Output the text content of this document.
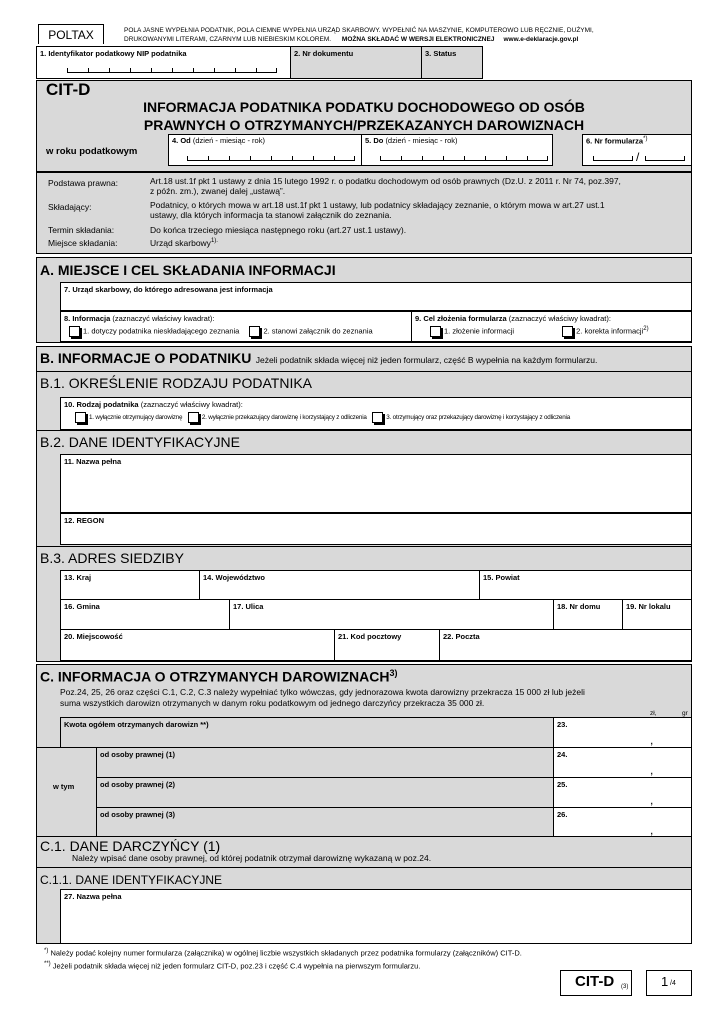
POLTAX	POLA JASNE WYPEŁNIA PODATNIK, POLA CIEMNE WYPEŁNIA URZĄD SKARBOWY. WYPEŁNIĆ NA MASZYNIE, KOMPUTEROWO LUB RĘCZNIE, DUŻYMI,
DRUKOWANYMI LITERAMI, CZARNYM LUB NIEBIESKIM KOLOREM. MOŻNA SKŁADAĆ W WERSJI ELEKTRONICZNEJ www.e-deklaracje.gov.pl
1. Identyfikator podatkowy NIP podatnika	2. Nr dokumentu	3. Status
CIT-D
INFORMACJA PODATNIKA PODATKU DOCHODOWEGO OD OSÓB
PRAWNYCH O OTRZYMANYCH/PRZEKAZANYCH DAROWIZNACH
w roku podatkowym
4. Od (dzień - miesiąc - rok)	5. Do (dzień - miesiąc - rok)	6. Nr formularza*)
/
Podstawa prawna:	Art.18 ust.1f pkt 1 ustawy z dnia 15 lutego 1992 r. o podatku dochodowym od osób prawnych (Dz.U. z 2011 r. Nr 74, poz.397,
z późn. zm.), zwanej dalej „ustawą”.
Składający:	Podatnicy, o których mowa w art.18 ust.1f pkt 1 ustawy, lub podatnicy składający zeznanie, o którym mowa w art.27 ust.1
ustawy, dla których informacja ta stanowi załącznik do zeznania.
Termin składania:	Do końca trzeciego miesiąca następnego roku (art.27 ust.1 ustawy).
Miejsce składania:	Urząd skarbowy$^{1).}$
A. MIEJSCE I CEL SKŁADANIA INFORMACJI
7. Urząd skarbowy, do którego adresowana jest informacja
8. Informacja (zaznaczyć właściwy kwadrat):
1. dotyczy podatnika nieskładającego zeznania	2. stanowi załącznik do zeznania
9. Cel złożenia formularza (zaznaczyć właściwy kwadrat):
1. złożenie informacji	2. korekta informacji$^{2)}$
B. INFORMACJE O PODATNIKU Jeżeli podatnik składa więcej niż jeden formularz, część B wypełnia na każdym formularzu.
B.1. OKREŚLENIE RODZAJU PODATNIKA
10. Rodzaj podatnika (zaznaczyć właściwy kwadrat):
1. wyłącznie otrzymujący darowiznę	2. wyłącznie przekazujący darowiznę i korzystający z odliczenia	3. otrzymujący oraz przekazujący darowiznę i korzystający z odliczenia
B.2. DANE IDENTYFIKACYJNE
11. Nazwa pełna
12. REGON
B.3. ADRES SIEDZIBY
13. Kraj	14. Województwo	15. Powiat
16. Gmina	17. Ulica	18. Nr domu	19. Nr lokalu
20. Miejscowość	21. Kod pocztowy	22. Poczta
C. INFORMACJA O OTRZYMANYCH DAROWIZNACH$^{3)}$
Poz.24, 25, 26 oraz części C.1, C.2, C.3 należy wypełniać tylko wówczas, gdy jednorazowa kwota darowizny przekracza 15 000 zł lub jeżeli
suma wszystkich darowizn otrzymanych w danym roku podatkowym od jednego darczyńcy przekracza 35 000 zł.
zł,	gr
Kwota ogółem otrzymanych darowizn **)	23.
,
w tym
od osoby prawnej (1)	24.
,
od osoby prawnej (2)	25.
,
od osoby prawnej (3)	26.
,
C.1. DANE DARCZYŃCY (1)
Należy wpisać dane osoby prawnej, od której podatnik otrzymał darowiznę wykazaną w poz.24.
C.1.1. DANE IDENTYFIKACYJNE
27. Nazwa pełna
*) Należy podać kolejny numer formularza (załącznika) w ogólnej liczbie wszystkich składanych przez podatnika formularzy (załączników) CIT-D.
**) Jeżeli podatnik składa więcej niż jeden formularz CIT-D, poz.23 i część C.4 wypełnia na pierwszym formularzu.
CIT-D (3)	1 /4
